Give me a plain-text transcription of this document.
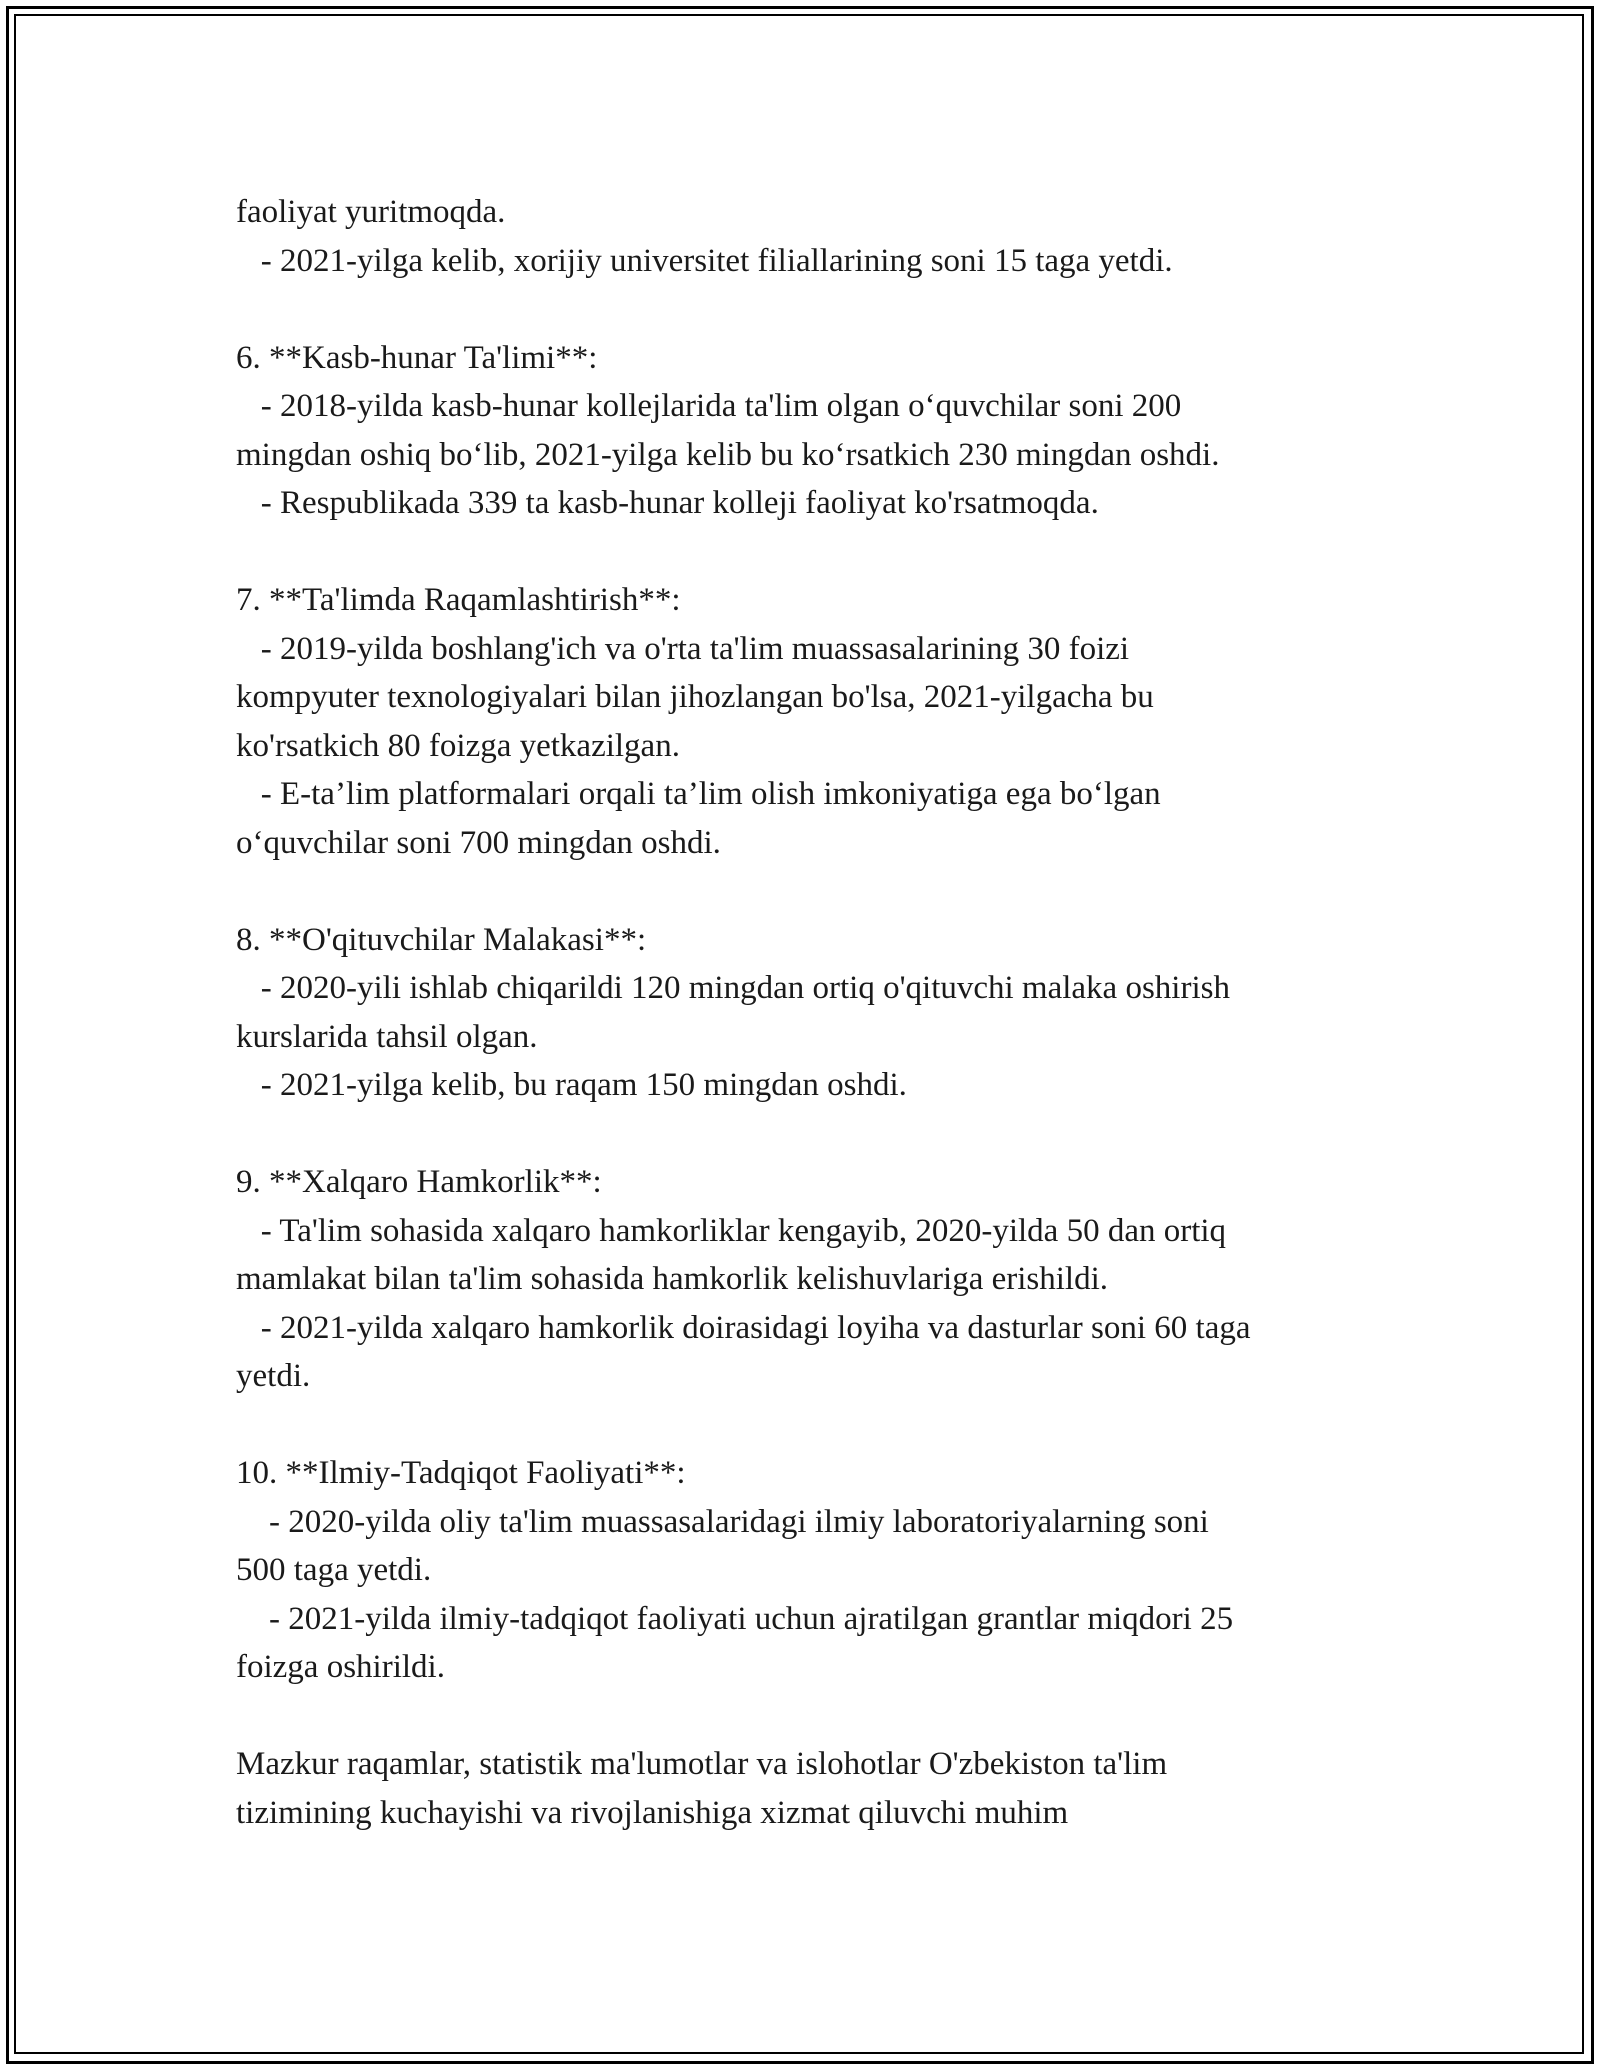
faoliyat yuritmoqda.
- 2021-yilga kelib, xorijiy universitet filiallarining soni 15 taga yetdi.
6. **Kasb-hunar Ta'limi**:
- 2018-yilda kasb-hunar kollejlarida ta'lim olgan o‘quvchilar soni 200
mingdan oshiq bo‘lib, 2021-yilga kelib bu ko‘rsatkich 230 mingdan oshdi.
- Respublikada 339 ta kasb-hunar kolleji faoliyat ko'rsatmoqda.
7. **Ta'limda Raqamlashtirish**:
- 2019-yilda boshlang'ich va o'rta ta'lim muassasalarining 30 foizi
kompyuter texnologiyalari bilan jihozlangan bo'lsa, 2021-yilgacha bu
ko'rsatkich 80 foizga yetkazilgan.
- E-ta’lim platformalari orqali ta’lim olish imkoniyatiga ega bo‘lgan
o‘quvchilar soni 700 mingdan oshdi.
8. **O'qituvchilar Malakasi**:
- 2020-yili ishlab chiqarildi 120 mingdan ortiq o'qituvchi malaka oshirish
kurslarida tahsil olgan.
- 2021-yilga kelib, bu raqam 150 mingdan oshdi.
9. **Xalqaro Hamkorlik**:
- Ta'lim sohasida xalqaro hamkorliklar kengayib, 2020-yilda 50 dan ortiq
mamlakat bilan ta'lim sohasida hamkorlik kelishuvlariga erishildi.
- 2021-yilda xalqaro hamkorlik doirasidagi loyiha va dasturlar soni 60 taga
yetdi.
10. **Ilmiy-Tadqiqot Faoliyati**:
- 2020-yilda oliy ta'lim muassasalaridagi ilmiy laboratoriyalarning soni
500 taga yetdi.
- 2021-yilda ilmiy-tadqiqot faoliyati uchun ajratilgan grantlar miqdori 25
foizga oshirildi.
Mazkur raqamlar, statistik ma'lumotlar va islohotlar O'zbekiston ta'lim
tizimining kuchayishi va rivojlanishiga xizmat qiluvchi muhim
